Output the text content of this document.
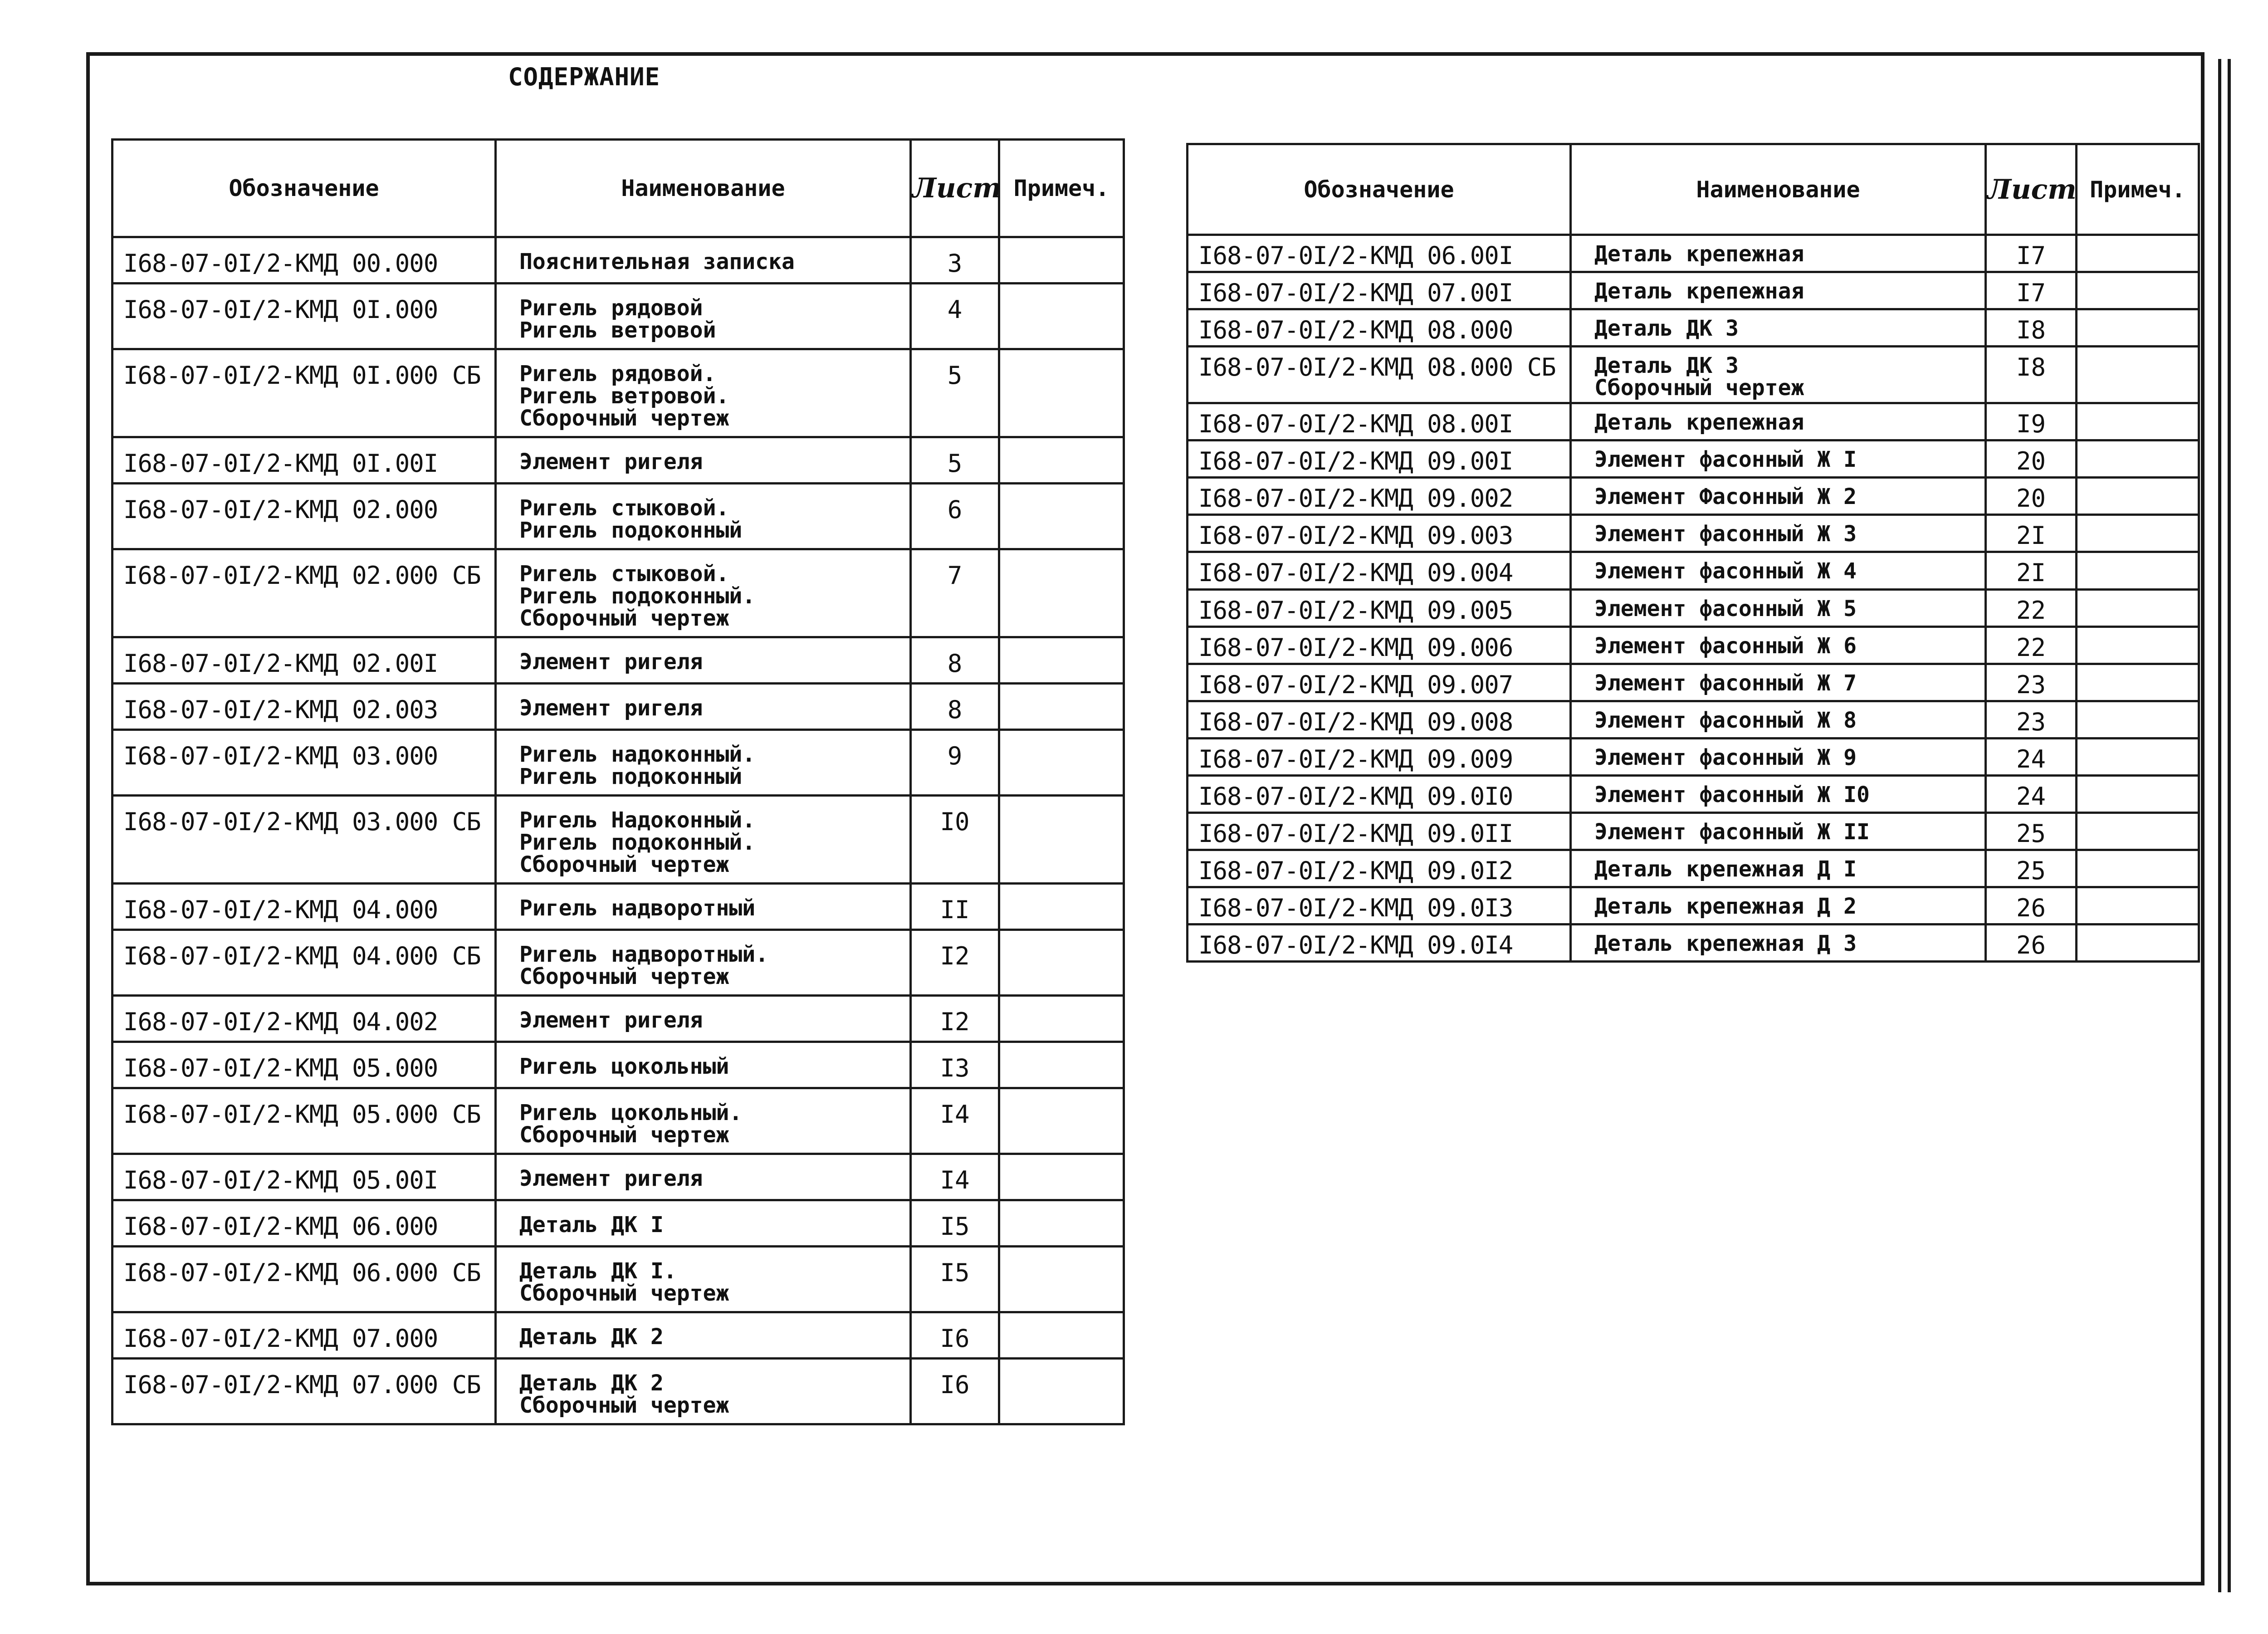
СОДЕРЖАНИЕ
Обозначение	Наименование	Лист	Примеч.
I68-07-0I/2-КМД 00.000	Пояснительная записка	3	
I68-07-0I/2-КМД 0I.000	Ригель рядовой
Ригель ветровой	4	
I68-07-0I/2-КМД 0I.000 СБ	Ригель рядовой.
Ригель ветровой.
Сборочный чертеж	5	
I68-07-0I/2-КМД 0I.00I	Элемент ригеля	5	
I68-07-0I/2-КМД 02.000	Ригель стыковой.
Ригель подоконный	6	
I68-07-0I/2-КМД 02.000 СБ	Ригель стыковой.
Ригель подоконный.
Сборочный чертеж	7	
I68-07-0I/2-КМД 02.00I	Элемент ригеля	8	
I68-07-0I/2-КМД 02.003	Элемент ригеля	8	
I68-07-0I/2-КМД 03.000	Ригель надоконный.
Ригель подоконный	9	
I68-07-0I/2-КМД 03.000 СБ	Ригель Надоконный.
Ригель подоконный.
Сборочный чертеж	I0	
I68-07-0I/2-КМД 04.000	Ригель надворотный	II	
I68-07-0I/2-КМД 04.000 СБ	Ригель надворотный.
Сборочный чертеж	I2	
I68-07-0I/2-КМД 04.002	Элемент ригеля	I2	
I68-07-0I/2-КМД 05.000	Ригель цокольный	I3	
I68-07-0I/2-КМД 05.000 СБ	Ригель цокольный.
Сборочный чертеж	I4	
I68-07-0I/2-КМД 05.00I	Элемент ригеля	I4	
I68-07-0I/2-КМД 06.000	Деталь ДК I	I5	
I68-07-0I/2-КМД 06.000 СБ	Деталь ДК I.
Сборочный чертеж	I5	
I68-07-0I/2-КМД 07.000	Деталь ДК 2	I6	
I68-07-0I/2-КМД 07.000 СБ	Деталь ДК 2
Сборочный чертеж	I6	
Обозначение	Наименование	Лист	Примеч.
I68-07-0I/2-КМД 06.00I	Деталь крепежная	I7	
I68-07-0I/2-КМД 07.00I	Деталь крепежная	I7	
I68-07-0I/2-КМД 08.000	Деталь ДК 3	I8	
I68-07-0I/2-КМД 08.000 СБ	Деталь ДК 3
Сборочный чертеж	I8	
I68-07-0I/2-КМД 08.00I	Деталь крепежная	I9	
I68-07-0I/2-КМД 09.00I	Элемент фасонный Ж I	20	
I68-07-0I/2-КМД 09.002	Элемент Фасонный Ж 2	20	
I68-07-0I/2-КМД 09.003	Элемент фасонный Ж 3	2I	
I68-07-0I/2-КМД 09.004	Элемент фасонный Ж 4	2I	
I68-07-0I/2-КМД 09.005	Элемент фасонный Ж 5	22	
I68-07-0I/2-КМД 09.006	Элемент фасонный Ж 6	22	
I68-07-0I/2-КМД 09.007	Элемент фасонный Ж 7	23	
I68-07-0I/2-КМД 09.008	Элемент фасонный Ж 8	23	
I68-07-0I/2-КМД 09.009	Элемент фасонный Ж 9	24	
I68-07-0I/2-КМД 09.0I0	Элемент фасонный Ж I0	24	
I68-07-0I/2-КМД 09.0II	Элемент фасонный Ж II	25	
I68-07-0I/2-КМД 09.0I2	Деталь крепежная Д I	25	
I68-07-0I/2-КМД 09.0I3	Деталь крепежная Д 2	26	
I68-07-0I/2-КМД 09.0I4	Деталь крепежная Д 3	26	
